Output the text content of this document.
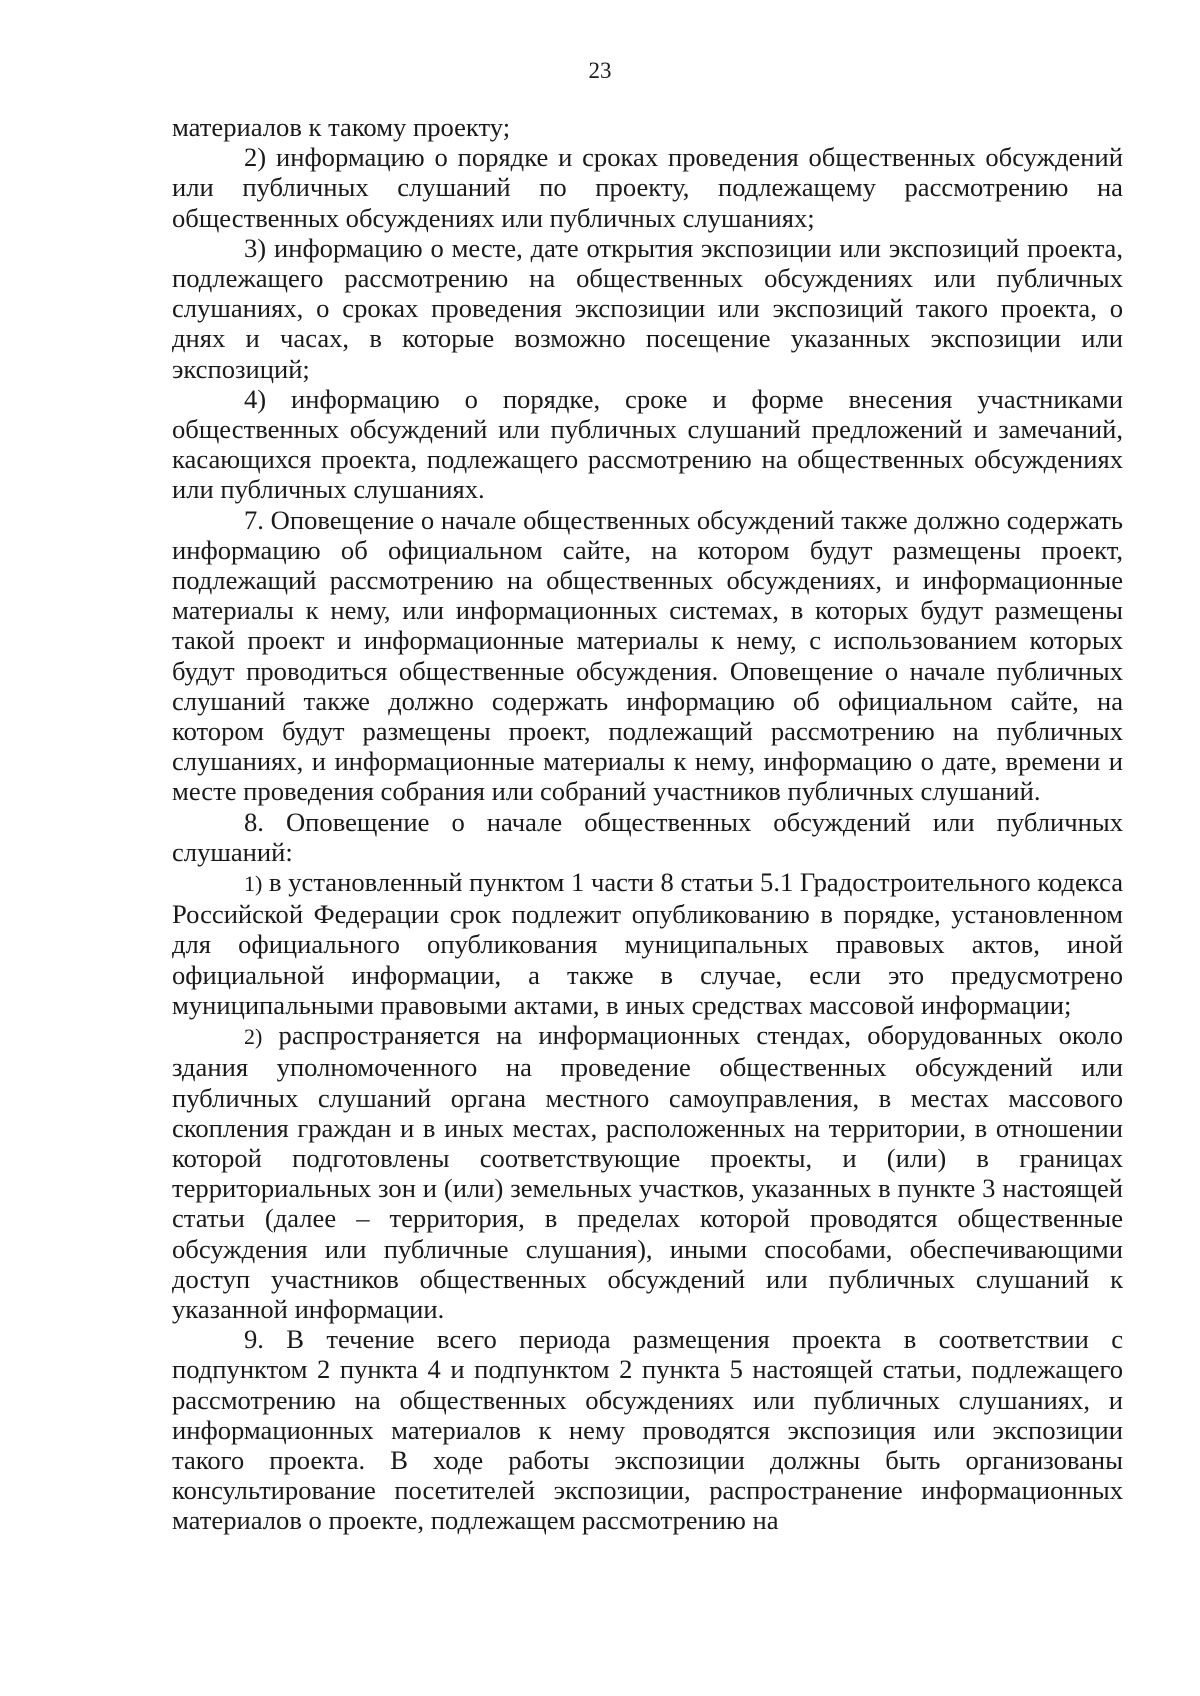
23

материалов к такому проекту;

2) информацию о порядке и сроках проведения общественных обсуждений или публичных слушаний по проекту, подлежащему рассмотрению на общественных обсуждениях или публичных слушаниях;

3) информацию о месте, дате открытия экспозиции или экспозиций проекта, подлежащего рассмотрению на общественных обсуждениях или публичных слушаниях, о сроках проведения экспозиции или экспозиций такого проекта, о днях и часах, в которые возможно посещение указанных экспозиции или экспозиций;

4) информацию о порядке, сроке и форме внесения участниками общественных обсуждений или публичных слушаний предложений и замечаний, касающихся проекта, подлежащего рассмотрению на общественных обсуждениях или публичных слушаниях.

7. Оповещение о начале общественных обсуждений также должно содержать информацию об официальном сайте, на котором будут размещены проект, подлежащий рассмотрению на общественных обсуждениях, и информационные материалы к нему, или информационных системах, в которых будут размещены такой проект и информационные материалы к нему, с использованием которых будут проводиться общественные обсуждения. Оповещение о начале публичных слушаний также должно содержать информацию об официальном сайте, на котором будут размещены проект, подлежащий рассмотрению на публичных слушаниях, и информационные материалы к нему, информацию о дате, времени и месте проведения собрания или собраний участников публичных слушаний.

8. Оповещение о начале общественных обсуждений или публичных слушаний:

1) в установленный пунктом 1 части 8 статьи 5.1 Градостроительного кодекса Российской Федерации срок подлежит опубликованию в порядке, установленном для официального опубликования муниципальных правовых актов, иной официальной информации, а также в случае, если это предусмотрено муниципальными правовыми актами, в иных средствах массовой информации;

2) распространяется на информационных стендах, оборудованных около здания уполномоченного на проведение общественных обсуждений или публичных слушаний органа местного самоуправления, в местах массового скопления граждан и в иных местах, расположенных на территории, в отношении которой подготовлены соответствующие проекты, и (или) в границах территориальных зон и (или) земельных участков, указанных в пункте 3 настоящей статьи (далее – территория, в пределах которой проводятся общественные обсуждения или публичные слушания), иными способами, обеспечивающими доступ участников общественных обсуждений или публичных слушаний к указанной информации.

9. В течение всего периода размещения проекта в соответствии с подпунктом 2 пункта 4 и подпунктом 2 пункта 5 настоящей статьи, подлежащего рассмотрению на общественных обсуждениях или публичных слушаниях, и информационных материалов к нему проводятся экспозиция или экспозиции такого проекта. В ходе работы экспозиции должны быть организованы консультирование посетителей экспозиции, распространение информационных материалов о проекте, подлежащем рассмотрению на
